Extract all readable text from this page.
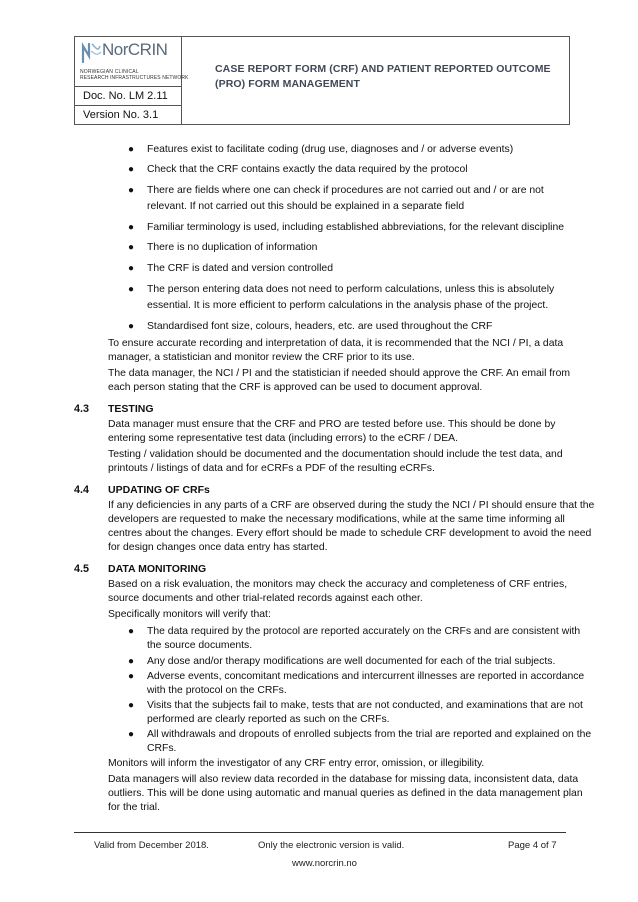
NorCRIN
NORWEGIAN CLINICAL
RESEARCH INFRASTRUCTURES NETWORK
Doc. No. LM 2.11
Version No. 3.1
CASE REPORT FORM (CRF) AND PATIENT REPORTED OUTCOME
(PRO) FORM MANAGEMENT
● Features exist to facilitate coding (drug use, diagnoses and / or adverse events)
● Check that the CRF contains exactly the data required by the protocol
● There are fields where one can check if procedures are not carried out and / or are not
relevant. If not carried out this should be explained in a separate field
● Familiar terminology is used, including established abbreviations, for the relevant discipline
● There is no duplication of information
● The CRF is dated and version controlled
● The person entering data does not need to perform calculations, unless this is absolutely
essential. It is more efficient to perform calculations in the analysis phase of the project.
● Standardised font size, colours, headers, etc. are used throughout the CRF
To ensure accurate recording and interpretation of data, it is recommended that the NCI / PI, a data
manager, a statistician and monitor review the CRF prior to its use.
The data manager, the NCI / PI and the statistician if needed should approve the CRF. An email from
each person stating that the CRF is approved can be used to document approval.
4.3 TESTING
Data manager must ensure that the CRF and PRO are tested before use. This should be done by
entering some representative test data (including errors) to the eCRF / DEA.
Testing / validation should be documented and the documentation should include the test data, and
printouts / listings of data and for eCRFs a PDF of the resulting eCRFs.
4.4 UPDATING OF CRFs
If any deficiencies in any parts of a CRF are observed during the study the NCI / PI should ensure that the
developers are requested to make the necessary modifications, while at the same time informing all
centres about the changes. Every effort should be made to schedule CRF development to avoid the need
for design changes once data entry has started.
4.5 DATA MONITORING
Based on a risk evaluation, the monitors may check the accuracy and completeness of CRF entries,
source documents and other trial-related records against each other.
Specifically monitors will verify that:
● The data required by the protocol are reported accurately on the CRFs and are consistent with
the source documents.
● Any dose and/or therapy modifications are well documented for each of the trial subjects.
● Adverse events, concomitant medications and intercurrent illnesses are reported in accordance
with the protocol on the CRFs.
● Visits that the subjects fail to make, tests that are not conducted, and examinations that are not
performed are clearly reported as such on the CRFs.
● All withdrawals and dropouts of enrolled subjects from the trial are reported and explained on the
CRFs.
Monitors will inform the investigator of any CRF entry error, omission, or illegibility.
Data managers will also review data recorded in the database for missing data, inconsistent data, data
outliers. This will be done using automatic and manual queries as defined in the data management plan
for the trial.
Valid from December 2018.	Only the electronic version is valid.	Page 4 of 7
www.norcrin.no
